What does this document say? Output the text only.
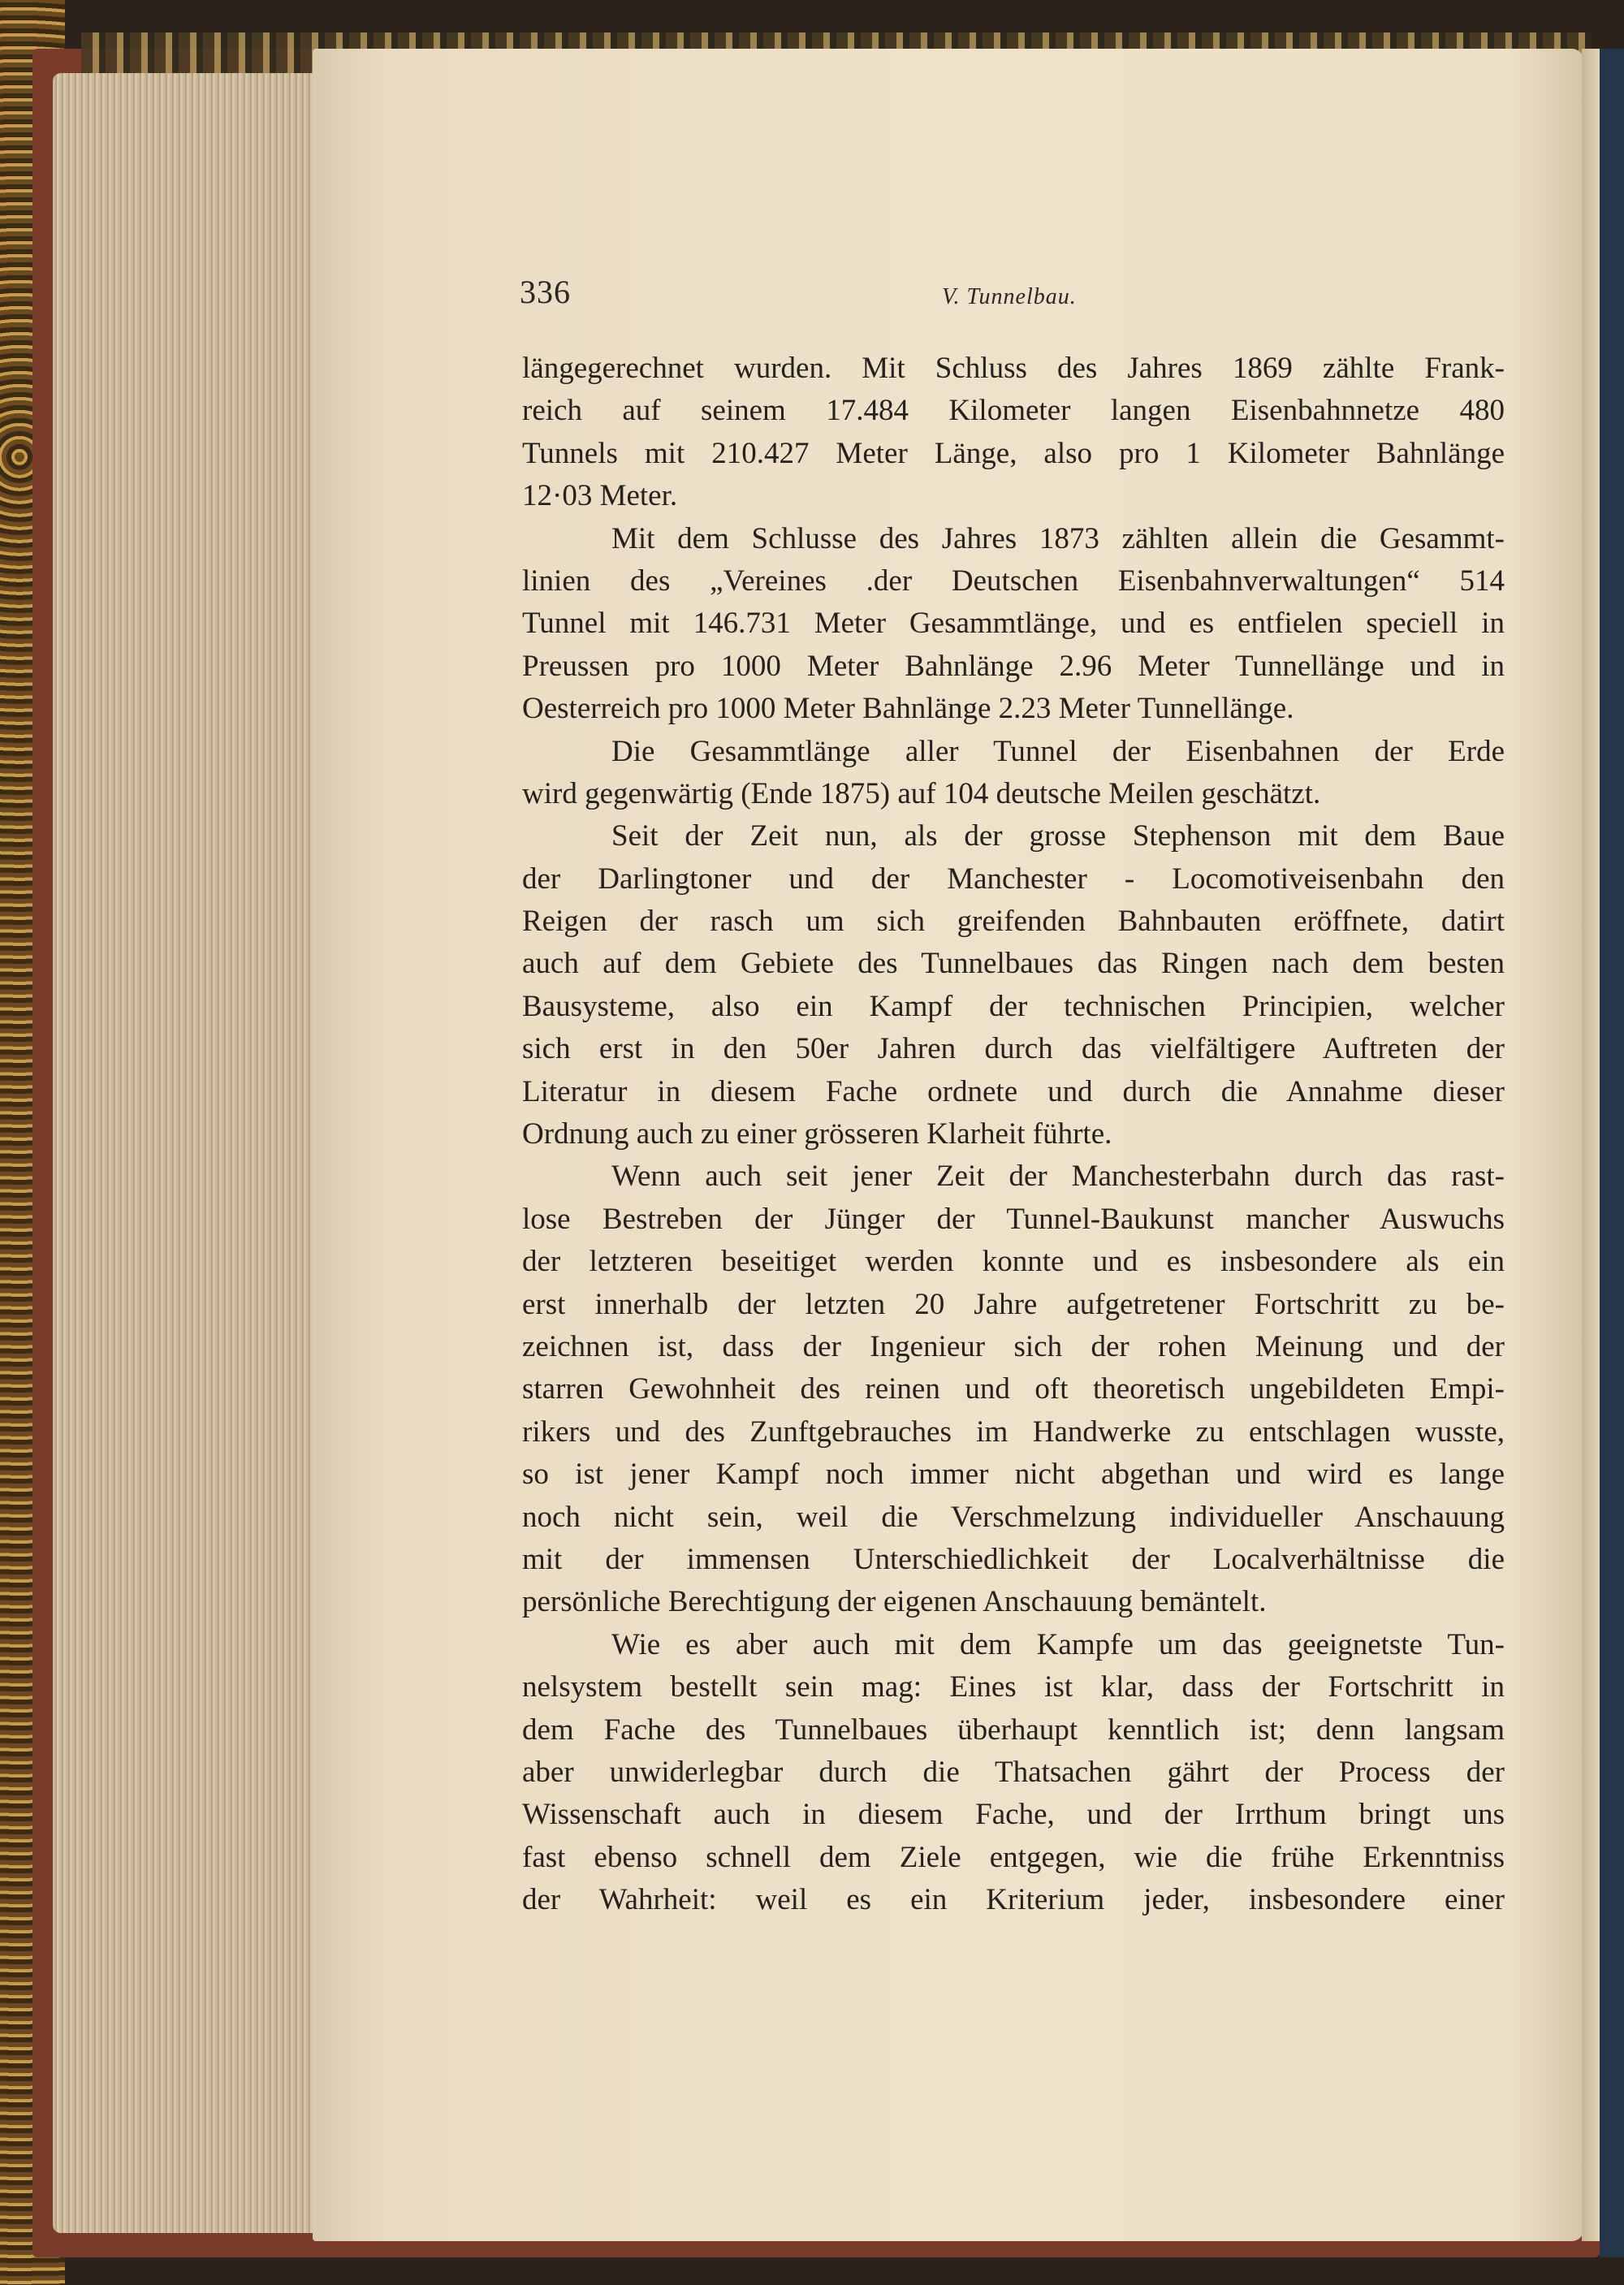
336	V. Tunnelbau.
längegerechnet wurden. Mit Schluss des Jahres 1869 zählte Frank-
reich auf seinem 17.484 Kilometer langen Eisenbahnnetze 480
Tunnels mit 210.427 Meter Länge, also pro 1 Kilometer Bahnlänge
12·03 Meter.
Mit dem Schlusse des Jahres 1873 zählten allein die Gesammt-
linien des „Vereines .der Deutschen Eisenbahnverwaltungen“ 514
Tunnel mit 146.731 Meter Gesammtlänge, und es entfielen speciell in
Preussen pro 1000 Meter Bahnlänge 2.96 Meter Tunnellänge und in
Oesterreich pro 1000 Meter Bahnlänge 2.23 Meter Tunnellänge.
Die Gesammtlänge aller Tunnel der Eisenbahnen der Erde
wird gegenwärtig (Ende 1875) auf 104 deutsche Meilen geschätzt.
Seit der Zeit nun, als der grosse Stephenson mit dem Baue
der Darlingtoner und der Manchester - Locomotiveisenbahn den
Reigen der rasch um sich greifenden Bahnbauten eröffnete, datirt
auch auf dem Gebiete des Tunnelbaues das Ringen nach dem besten
Bausysteme, also ein Kampf der technischen Principien, welcher
sich erst in den 50er Jahren durch das vielfältigere Auftreten der
Literatur in diesem Fache ordnete und durch die Annahme dieser
Ordnung auch zu einer grösseren Klarheit führte.
Wenn auch seit jener Zeit der Manchesterbahn durch das rast-
lose Bestreben der Jünger der Tunnel-Baukunst mancher Auswuchs
der letzteren beseitiget werden konnte und es insbesondere als ein
erst innerhalb der letzten 20 Jahre aufgetretener Fortschritt zu be-
zeichnen ist, dass der Ingenieur sich der rohen Meinung und der
starren Gewohnheit des reinen und oft theoretisch ungebildeten Empi-
rikers und des Zunftgebrauches im Handwerke zu entschlagen wusste,
so ist jener Kampf noch immer nicht abgethan und wird es lange
noch nicht sein, weil die Verschmelzung individueller Anschauung
mit der immensen Unterschiedlichkeit der Localverhältnisse die
persönliche Berechtigung der eigenen Anschauung bemäntelt.
Wie es aber auch mit dem Kampfe um das geeignetste Tun-
nelsystem bestellt sein mag: Eines ist klar, dass der Fortschritt in
dem Fache des Tunnelbaues überhaupt kenntlich ist; denn langsam
aber unwiderlegbar durch die Thatsachen gährt der Process der
Wissenschaft auch in diesem Fache, und der Irrthum bringt uns
fast ebenso schnell dem Ziele entgegen, wie die frühe Erkenntniss
der Wahrheit: weil es ein Kriterium jeder, insbesondere einer
